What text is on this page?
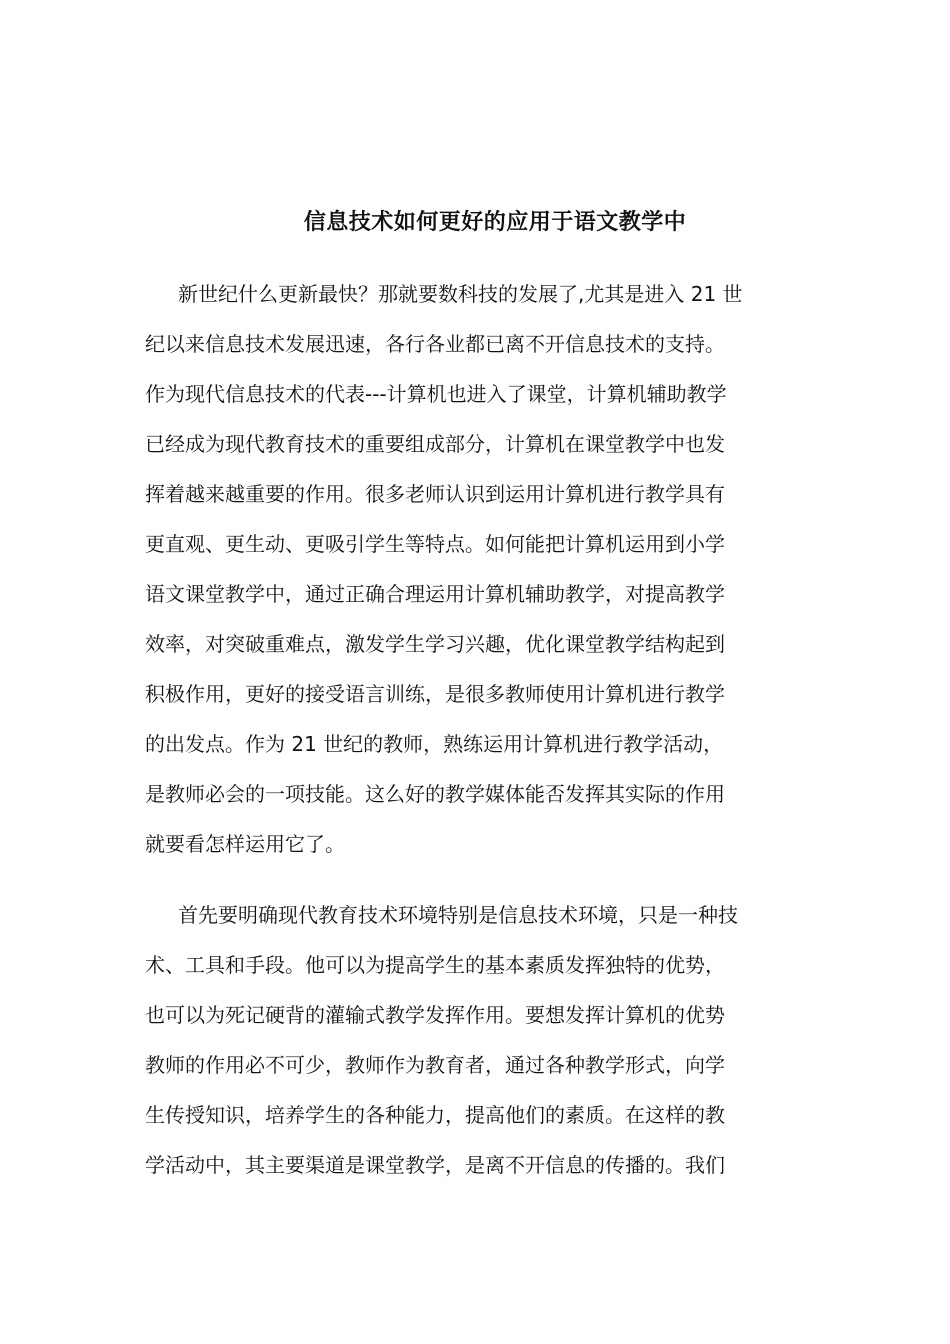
信息技术如何更好的应用于语文教学中
新世纪什么更新最快？那就要数科技的发展了,尤其是进入 21 世
纪以来信息技术发展迅速，各行各业都已离不开信息技术的支持。
作为现代信息技术的代表---计算机也进入了课堂，计算机辅助教学
已经成为现代教育技术的重要组成部分，计算机在课堂教学中也发
挥着越来越重要的作用。很多老师认识到运用计算机进行教学具有
更直观、更生动、更吸引学生等特点。如何能把计算机运用到小学
语文课堂教学中，通过正确合理运用计算机辅助教学，对提高教学
效率，对突破重难点，激发学生学习兴趣，优化课堂教学结构起到
积极作用，更好的接受语言训练，是很多教师使用计算机进行教学
的出发点。作为 21 世纪的教师，熟练运用计算机进行教学活动，
是教师必会的一项技能。这么好的教学媒体能否发挥其实际的作用
就要看怎样运用它了。
首先要明确现代教育技术环境特别是信息技术环境，只是一种技
术、工具和手段。他可以为提高学生的基本素质发挥独特的优势，
也可以为死记硬背的灌输式教学发挥作用。要想发挥计算机的优势
教师的作用必不可少，教师作为教育者，通过各种教学形式，向学
生传授知识，培养学生的各种能力，提高他们的素质。在这样的教
学活动中，其主要渠道是课堂教学，是离不开信息的传播的。我们
